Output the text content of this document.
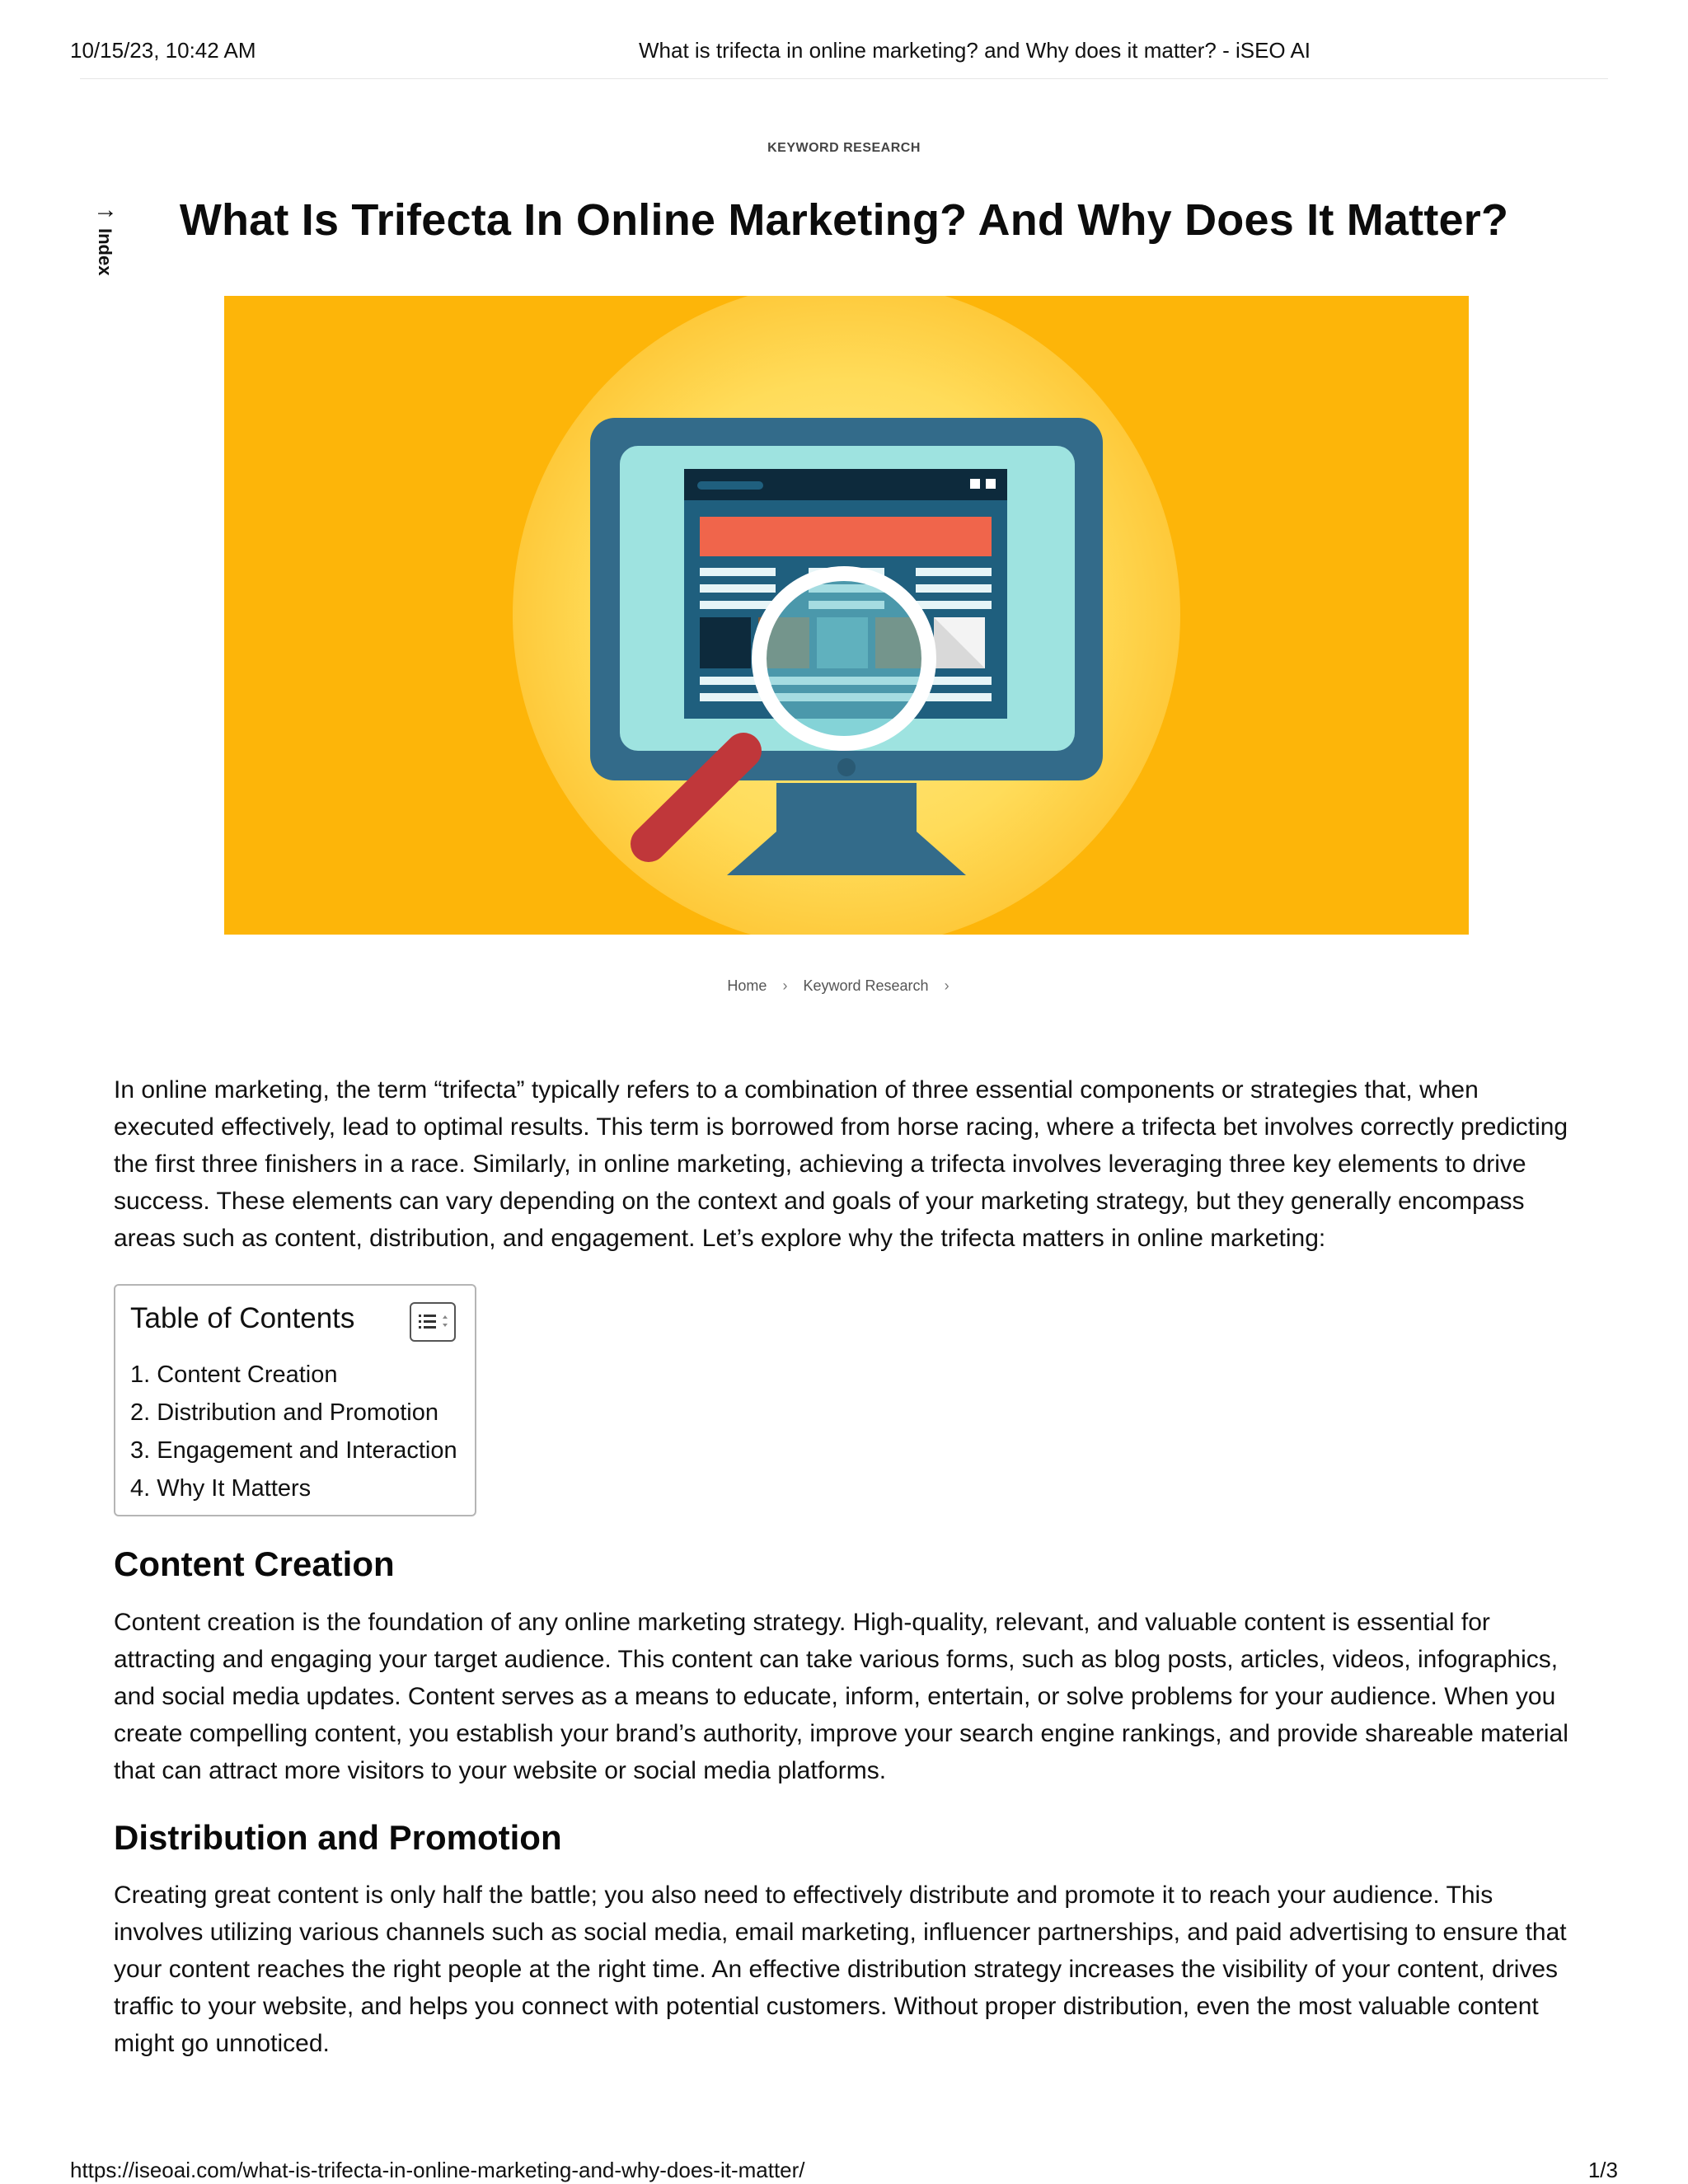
10/15/23, 10:42 AM	What is trifecta in online marketing? and Why does it matter? - iSEO AI
KEYWORD RESEARCH
→
Index
What Is Trifecta In Online Marketing? And Why Does It Matter?
Home › Keyword Research ›

In online marketing, the term “trifecta” typically refers to a combination of three essential components or strategies that, when executed effectively, lead to optimal results. This term is borrowed from horse racing, where a trifecta bet involves correctly predicting the first three finishers in a race. Similarly, in online marketing, achieving a trifecta involves leveraging three key elements to drive success. These elements can vary depending on the context and goals of your marketing strategy, but they generally encompass areas such as content, distribution, and engagement. Let’s explore why the trifecta matters in online marketing:

Table of Contents
1. Content Creation
2. Distribution and Promotion
3. Engagement and Interaction
4. Why It Matters
Content Creation

Content creation is the foundation of any online marketing strategy. High-quality, relevant, and valuable content is essential for attracting and engaging your target audience. This content can take various forms, such as blog posts, articles, videos, infographics, and social media updates. Content serves as a means to educate, inform, entertain, or solve problems for your audience. When you create compelling content, you establish your brand’s authority, improve your search engine rankings, and provide shareable material that can attract more visitors to your website or social media platforms.

Distribution and Promotion

Creating great content is only half the battle; you also need to effectively distribute and promote it to reach your audience. This involves utilizing various channels such as social media, email marketing, influencer partnerships, and paid advertising to ensure that your content reaches the right people at the right time. An effective distribution strategy increases the visibility of your content, drives traffic to your website, and helps you connect with potential customers. Without proper distribution, even the most valuable content might go unnoticed.

https://iseoai.com/what-is-trifecta-in-online-marketing-and-why-does-it-matter/	1/3
